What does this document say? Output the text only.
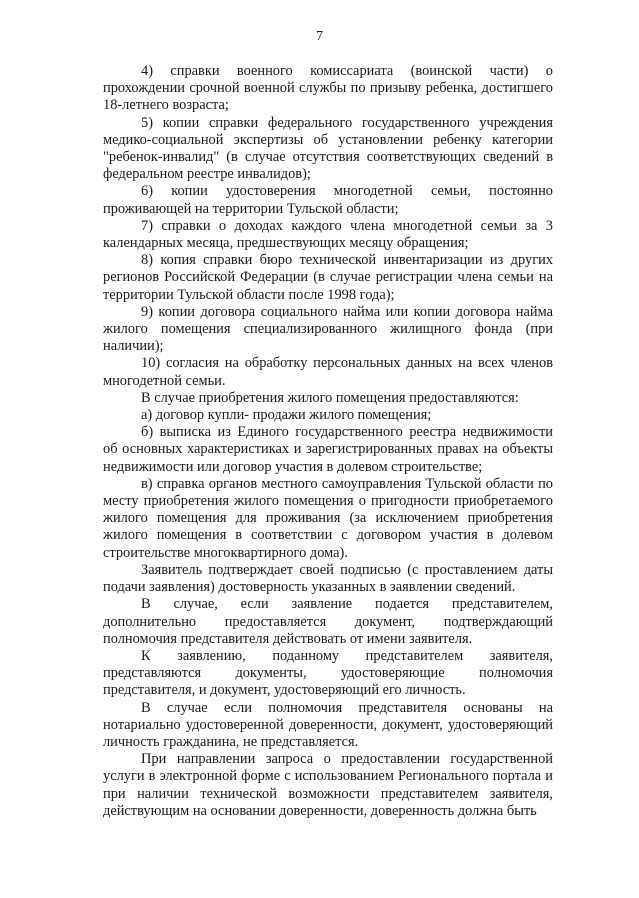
7

4) справки военного комиссариата (воинской части) о прохождении срочной военной службы по призыву ребенка, достигшего 18-летнего возраста;

5) копии справки федерального государственного учреждения медико-социальной экспертизы об установлении ребенку категории "ребенок-инвалид" (в случае отсутствия соответствующих сведений в федеральном реестре инвалидов);

6) копии удостоверения многодетной семьи, постоянно проживающей на территории Тульской области;

7) справки о доходах каждого члена многодетной семьи за 3 календарных месяца, предшествующих месяцу обращения;

8) копия справки бюро технической инвентаризации из других регионов Российской Федерации (в случае регистрации члена семьи на территории Тульской области после 1998 года);

9) копии договора социального найма или копии договора найма жилого помещения специализированного жилищного фонда (при наличии);

10) согласия на обработку персональных данных на всех членов многодетной семьи.

В случае приобретения жилого помещения предоставляются:

а) договор купли- продажи жилого помещения;

б) выписка из Единого государственного реестра недвижимости об основных характеристиках и зарегистрированных правах на объекты недвижимости или договор участия в долевом строительстве;

в) справка органов местного самоуправления Тульской области по месту приобретения жилого помещения о пригодности приобретаемого жилого помещения для проживания (за исключением приобретения жилого помещения в соответствии с договором участия в долевом строительстве многоквартирного дома).

Заявитель подтверждает своей подписью (с проставлением даты подачи заявления) достоверность указанных в заявлении сведений.

В случае, если заявление подается представителем, дополнительно предоставляется документ, подтверждающий полномочия представителя действовать от имени заявителя.

К заявлению, поданному представителем заявителя, представляются документы, удостоверяющие полномочия представителя, и документ, удостоверяющий его личность.

В случае если полномочия представителя основаны на нотариально удостоверенной доверенности, документ, удостоверяющий личность гражданина, не представляется.

При направлении запроса о предоставлении государственной услуги в электронной форме с использованием Регионального портала и при наличии технической возможности представителем заявителя, действующим на основании доверенности, доверенность должна быть
